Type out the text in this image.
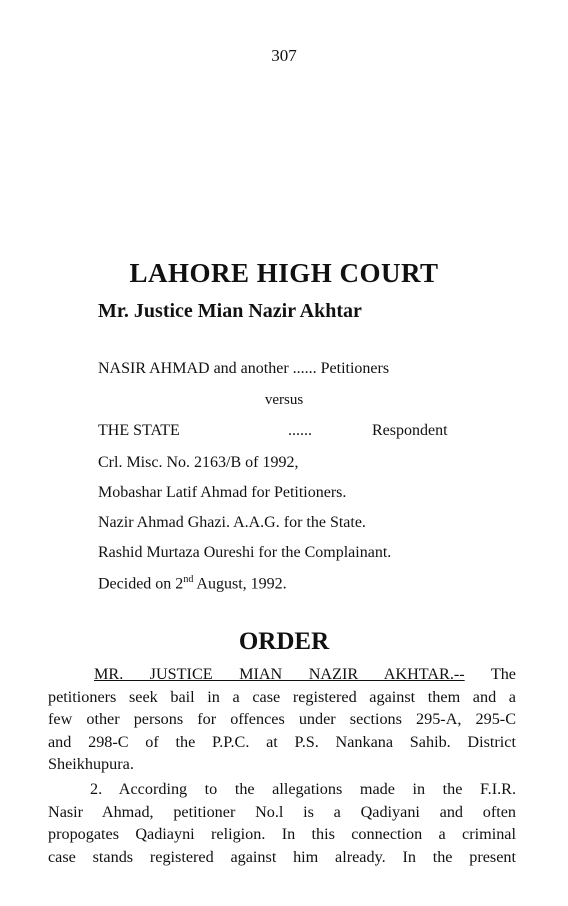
307
LAHORE HIGH COURT
Mr. Justice Mian Nazir Akhtar
NASIR AHMAD and another ...... Petitioners
versus
THE STATE	......	Respondent
Crl. Misc. No. 2163/B of 1992,
Mobashar Latif Ahmad for Petitioners.
Nazir Ahmad Ghazi. A.A.G. for the State.
Rashid Murtaza Oureshi for the Complainant.
Decided on 2nd August, 1992.
ORDER
MR. JUSTICE MIAN NAZIR AKHTAR.-- The
petitioners seek bail in a case registered against them and a
few other persons for offences under sections 295-A, 295-C
and 298-C of the P.P.C. at P.S. Nankana Sahib. District
Sheikhupura.
2. According to the allegations made in the F.I.R.
Nasir Ahmad, petitioner No.l is a Qadiyani and often
propogates Qadiayni religion. In this connection a criminal
case stands registered against him already. In the present
